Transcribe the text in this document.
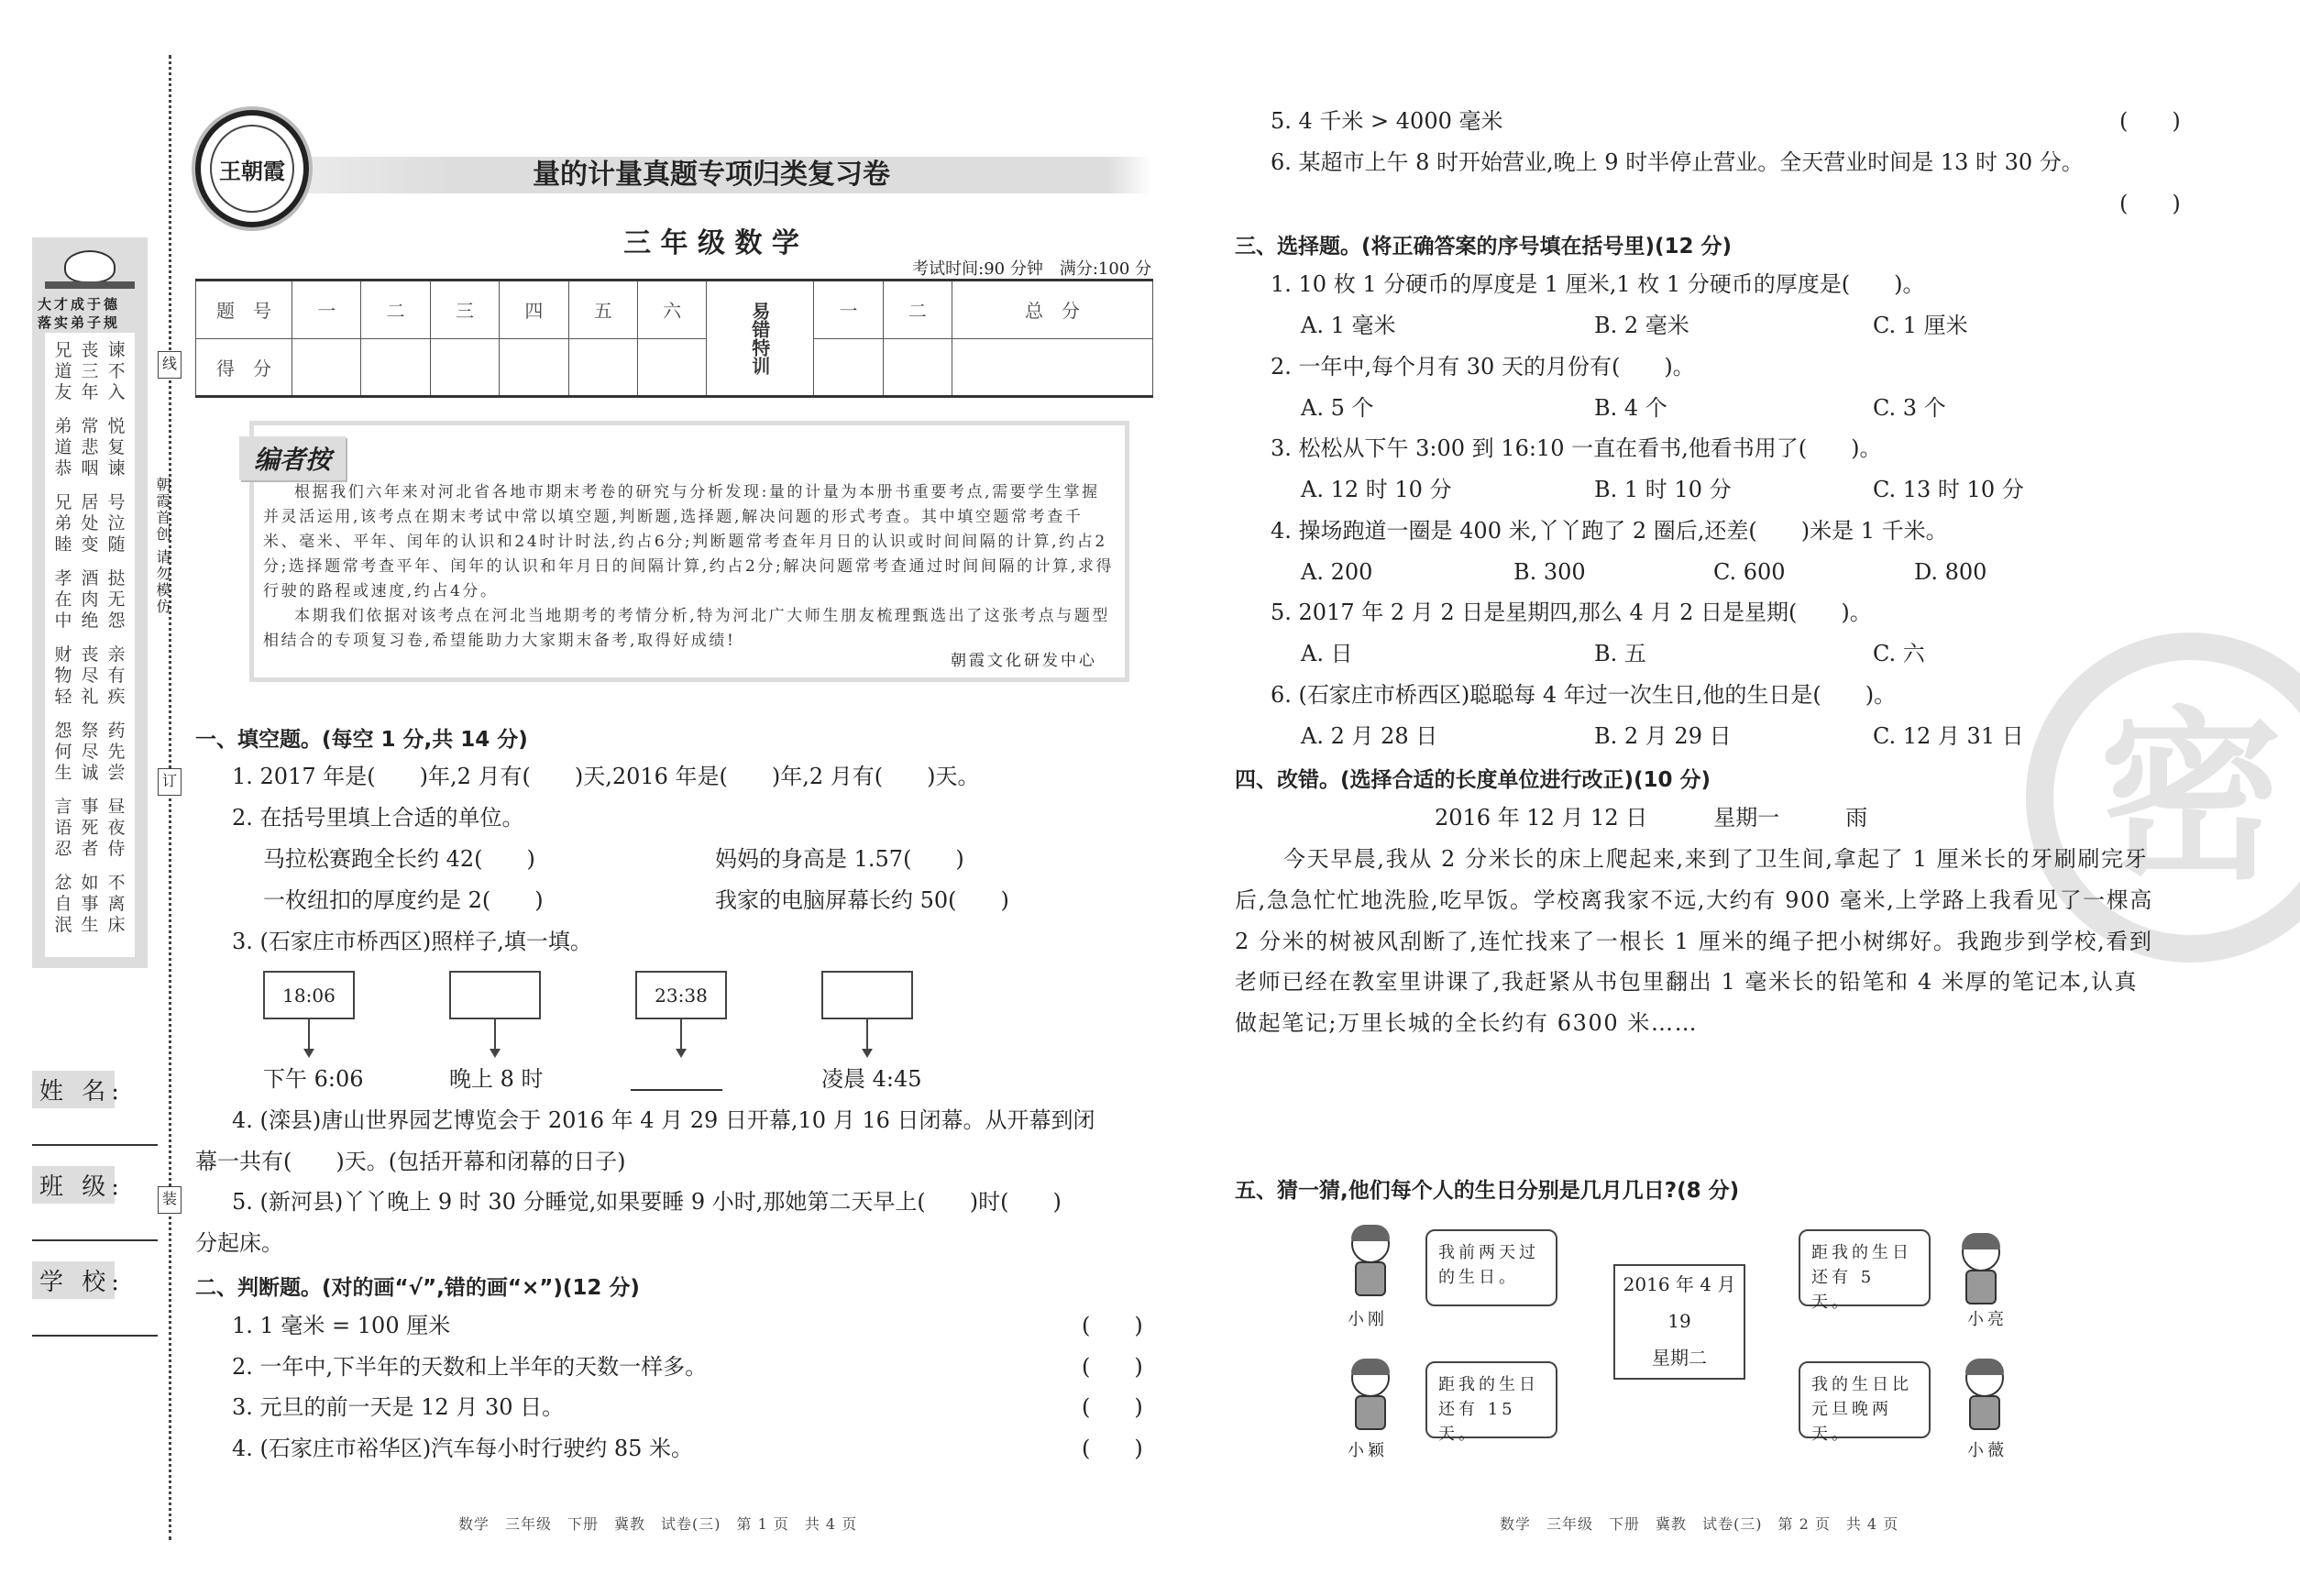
线
订
装
朝霞首创 请勿模仿
大才成于德
落实弟子规
兄丧谏
道三不
友年入
弟常悦
道悲复
恭咽谏
兄居号
弟处泣
睦变随
孝酒挞
在肉无
中绝怨
财丧亲
物尽有
轻礼疾
怨祭药
何尽先
生诚尝
言事昼
语死夜
忍者侍
忿如不
自事离
泯生床
姓 名:
班 级:
学 校:
王朝霞	量的计量真题专项归类复习卷
三 年 级 数 学
考试时间:90 分钟　满分:100 分
题　号	一	二	三	四	五	六	易错特训	一	二	总　分
得　分										
编者按

根据我们六年来对河北省各地市期末考卷的研究与分析发现:量的计量为本册书重要考点,需要学生掌握并灵活运用,该考点在期末考试中常以填空题,判断题,选择题,解决问题的形式考查。其中填空题常考查千米、毫米、平年、闰年的认识和24时计时法,约占6分;判断题常考查年月日的认识或时间间隔的计算,约占2分;选择题常考查平年、闰年的认识和年月日的间隔计算,约占2分;解决问题常考查通过时间间隔的计算,求得行驶的路程或速度,约占4分。

本期我们依据对该考点在河北当地期考的考情分析,特为河北广大师生朋友梳理甄选出了这张考点与题型相结合的专项复习卷,希望能助力大家期末备考,取得好成绩!

朝霞文化研发中心
一、填空题。(每空 1 分,共 14 分)
1. 2017 年是(　　)年,2 月有(　　)天,2016 年是(　　)年,2 月有(　　)天。
2. 在括号里填上合适的单位。
马拉松赛跑全长约 42(　　)	妈妈的身高是 1.57(　　)
一枚纽扣的厚度约是 2(　　)	我家的电脑屏幕长约 50(　　)
3. (石家庄市桥西区)照样子,填一填。
18:06	23:38
下午 6:06	晚上 8 时	凌晨 4:45
4. (滦县)唐山世界园艺博览会于 2016 年 4 月 29 日开幕,10 月 16 日闭幕。从开幕到闭
幕一共有(　　)天。(包括开幕和闭幕的日子)
5. (新河县)丫丫晚上 9 时 30 分睡觉,如果要睡 9 小时,那她第二天早上(　　)时(　　)
分起床。
二、判断题。(对的画“√”,错的画“×”)(12 分)
1. 1 毫米 = 100 厘米	(　　)
2. 一年中,下半年的天数和上半年的天数一样多。	(　　)
3. 元旦的前一天是 12 月 30 日。	(　　)
4. (石家庄市裕华区)汽车每小时行驶约 85 米。	(　　)
密
5. 4 千米 > 4000 毫米	(　　)
6. 某超市上午 8 时开始营业,晚上 9 时半停止营业。全天营业时间是 13 时 30 分。
(　　)
三、选择题。(将正确答案的序号填在括号里)(12 分)
1. 10 枚 1 分硬币的厚度是 1 厘米,1 枚 1 分硬币的厚度是(　　)。
A. 1 毫米	B. 2 毫米	C. 1 厘米
2. 一年中,每个月有 30 天的月份有(　　)。
A. 5 个	B. 4 个	C. 3 个
3. 松松从下午 3:00 到 16:10 一直在看书,他看书用了(　　)。
A. 12 时 10 分	B. 1 时 10 分	C. 13 时 10 分
4. 操场跑道一圈是 400 米,丫丫跑了 2 圈后,还差(　　)米是 1 千米。
A. 200	B. 300	C. 600	D. 800
5. 2017 年 2 月 2 日是星期四,那么 4 月 2 日是星期(　　)。
A. 日	B. 五	C. 六
6. (石家庄市桥西区)聪聪每 4 年过一次生日,他的生日是(　　)。
A. 2 月 28 日	B. 2 月 29 日	C. 12 月 31 日
四、改错。(选择合适的长度单位进行改正)(10 分)
2016 年 12 月 12 日　　　星期一　　　雨
今天早晨,我从 2 分米长的床上爬起来,来到了卫生间,拿起了 1 厘米长的牙刷刷完牙
后,急急忙忙地洗脸,吃早饭。学校离我家不远,大约有 900 毫米,上学路上我看见了一棵高
2 分米的树被风刮断了,连忙找来了一根长 1 厘米的绳子把小树绑好。我跑步到学校,看到
老师已经在教室里讲课了,我赶紧从书包里翻出 1 毫米长的铅笔和 4 米厚的笔记本,认真
做起笔记;万里长城的全长约有 6300 米……
五、猜一猜,他们每个人的生日分别是几月几日?(8 分)
2016 年 4 月
19
星期二
我前两天过的生日。
小刚
距我的生日还有 15 天。
小颖
距我的生日还有 5 天。
小亮
我的生日比元旦晚两天。
小薇
数学　三年级　下册　冀教　试卷(三)　第 1 页　共 4 页	数学　三年级　下册　冀教　试卷(三)　第 2 页　共 4 页
